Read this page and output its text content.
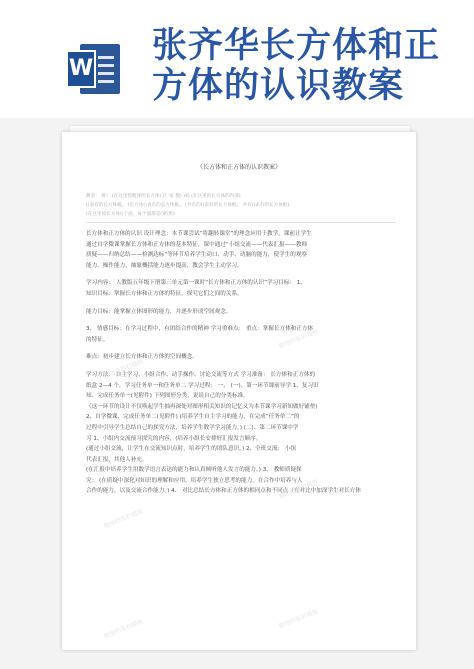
W
张齐华长方体和正
方体的认识教案
《长方体和正方体的认识教案》
教者： 班） (在这里抓粗体的长方体) (厂家 数) )4) (在这里的长方体的内部)
()表有的长方体框。 (长方体()表有的长方体框。 (共有的()表有的长方体框。 共有()表有的长方体框)
(在这里抓长方体()个面，每个面都是()的形)

长方体和正方体的认识 设计理念：本节课尝试“将翻转课堂”的理念应用于教学，课前让学生

通过自学微课掌握长方体和正方体的基本特征，课中通过“小组交流——代表汇报——教师

质疑——归纳总结——检测达标”等环节培养学生动口、动手、动脑的能力，使学生的观察

能力、操作能力、抽象概括能力逐步提高，教会学生主动学习。

学习内容： 人教版五年级下册第三单元第一课时“长方体和正方体的认识”学习目标： 1、

知识目标：掌握长方体和正方体的特征，探究它们之间的关系。

能力目标：能掌握立体图形的能力，并逐步形成空间观念。

3、 情感目标：在学习过程中，有团结合作的精神 学习重难点： 重点：掌握长方体和正方体

的特征。

难点：初步建立长方体和正方体的空间概念。

学习方法： 自主学习、小组合作、动手操作、讨论交流等方式 学习准备： 长方体和正方体的

纸盒 2—4 个，学习任务单一和任务单二 学习过程： 一、 (一)、第一环节课前导学 1、复习旧

知、完成任务单一(见附件) 下列图形分类，说说自己的分类标准。

（这一环节的设计不仅唤起学生抽再深处对图形相关知识的记忆又为本节课学习新知做好铺垫)

2、自学微课，完成任务单二(见附件) (培养学生自主学习的能力，在完成“任务单二”的

过程中引导学生总结自己的探究方法，培养学生数学学习能力。) (二)、第二环节课中学

习 1、小组内交流预习探究的内容，(培养小组长安排好汇报发言顺序。

(通过小组交流，让学生在交流知识点时，培养学生的团队意识。) 2、全班交流： 小组

代表汇报，其他人补充。

(在汇报中培养学生用数学语言表达的能力和认真倾听他人发言的能力。) 3、 教师质疑探

究： (在质疑中深化对知识的理解和应用，培养学生独立思考的能力，在合作中培养与人

合作的能力，以及交流合作能力。) 4、 对比总结长方体和正方体的相同点和不同点（在对比中加深学生对长方体

微图档资料模板
微图档资料模板
微图档资料模板
微图档资料模板
微图档资料模板	微图档资料模板
